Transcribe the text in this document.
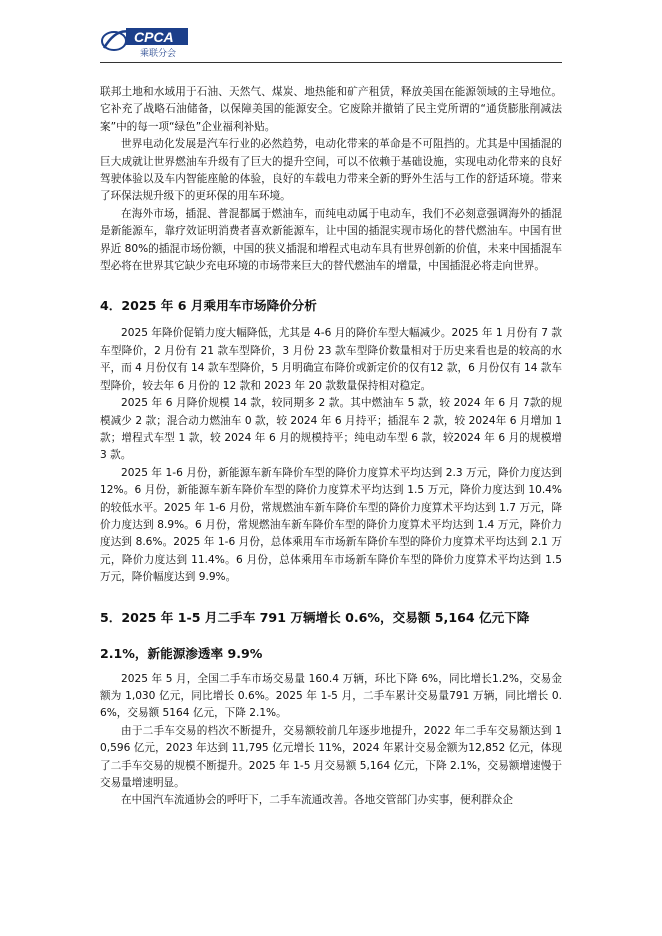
CPCA
乘联分会

联邦土地和水域用于石油、天然气、煤炭、地热能和矿产租赁，释放美国在能源领域的主导地位。它补充了战略石油储备，以保障美国的能源安全。它废除并撤销了民主党所谓的“通货膨胀削减法案”中的每一项“绿色”企业福利补贴。

世界电动化发展是汽车行业的必然趋势，电动化带来的革命是不可阻挡的。尤其是中国插混的巨大成就让世界燃油车升级有了巨大的提升空间，可以不依赖于基础设施，实现电动化带来的良好驾驶体验以及车内智能座舱的体验，良好的车载电力带来全新的野外生活与工作的舒适环境。带来了环保法规升级下的更环保的用车环境。

在海外市场，插混、普混都属于燃油车，而纯电动属于电动车，我们不必刻意强调海外的插混是新能源车，靠疗效证明消费者喜欢新能源车，让中国的插混实现市场化的替代燃油车。中国有世界近 80%的插混市场份额，中国的狭义插混和增程式电动车具有世界创新的价值，未来中国插混车型必将在世界其它缺少充电环境的市场带来巨大的替代燃油车的增量，中国插混必将走向世界。

4．2025 年 6 月乘用车市场降价分析

2025 年降价促销力度大幅降低，尤其是 4-6 月的降价车型大幅减少。2025 年 1 月份有 7 款车型降价，2 月份有 21 款车型降价，3 月份 23 款车型降价数量相对于历史来看也是的较高的水平，而 4 月份仅有 14 款车型降价，5 月明确宣布降价或新定价的仅有12 款，6 月份仅有 14 款车型降价，较去年 6 月份的 12 款和 2023 年 20 款数量保持相对稳定。

2025 年 6 月降价规模 14 款，较同期多 2 款。其中燃油车 5 款，较 2024 年 6 月 7款的规模减少 2 款；混合动力燃油车 0 款，较 2024 年 6 月持平；插混车 2 款，较 2024年 6 月增加 1 款；增程式车型 1 款，较 2024 年 6 月的规模持平；纯电动车型 6 款，较2024 年 6 月的规模增 3 款。

2025 年 1-6 月份，新能源车新车降价车型的降价力度算术平均达到 2.3 万元，降价力度达到 12%。6 月份，新能源车新车降价车型的降价力度算术平均达到 1.5 万元，降价力度达到 10.4%的较低水平。2025 年 1-6 月份，常规燃油车新车降价车型的降价力度算术平均达到 1.7 万元，降价力度达到 8.9%。6 月份，常规燃油车新车降价车型的降价力度算术平均达到 1.4 万元，降价力度达到 8.6%。2025 年 1-6 月份，总体乘用车市场新车降价车型的降价力度算术平均达到 2.1 万元，降价力度达到 11.4%。6 月份，总体乘用车市场新车降价车型的降价力度算术平均达到 1.5 万元，降价幅度达到 9.9%。

5．2025 年 1-5 月二手车 791 万辆增长 0.6%，交易额 5,164 亿元下降
2.1%，新能源渗透率 9.9%

2025 年 5 月，全国二手车市场交易量 160.4 万辆，环比下降 6%，同比增长1.2%，交易金额为 1,030 亿元，同比增长 0.6%。2025 年 1-5 月，二手车累计交易量791 万辆，同比增长 0.6%，交易额 5164 亿元，下降 2.1%。

由于二手车交易的档次不断提升，交易额较前几年逐步地提升，2022 年二手车交易额达到 10,596 亿元，2023 年达到 11,795 亿元增长 11%，2024 年累计交易金额为12,852 亿元，体现了二手车交易的规模不断提升。2025 年 1-5 月交易额 5,164 亿元，下降 2.1%，交易额增速慢于交易量增速明显。

在中国汽车流通协会的呼吁下，二手车流通改善。各地交管部门办实事，便利群众企
